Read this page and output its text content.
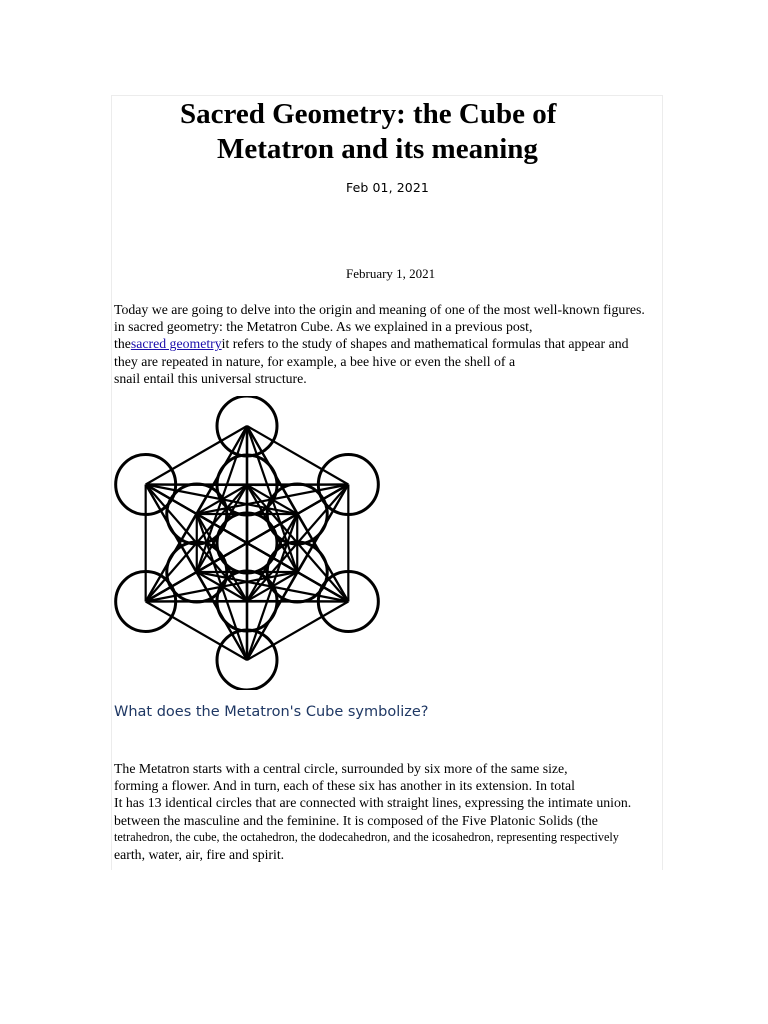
Sacred Geometry: the Cube of
Metatron and its meaning
Feb 01, 2021
February 1, 2021

Today we are going to delve into the origin and meaning of one of the most well-known figures.
in sacred geometry: the Metatron Cube. As we explained in a previous post,
thesacred geometryit refers to the study of shapes and mathematical formulas that appear and
they are repeated in nature, for example, a bee hive or even the shell of a
snail entail this universal structure.

What does the Metatron's Cube symbolize?

The Metatron starts with a central circle, surrounded by six more of the same size,
forming a flower. And in turn, each of these six has another in its extension. In total
It has 13 identical circles that are connected with straight lines, expressing the intimate union.
between the masculine and the feminine. It is composed of the Five Platonic Solids (the
tetrahedron, the cube, the octahedron, the dodecahedron, and the icosahedron, representing respectively
earth, water, air, fire and spirit.
